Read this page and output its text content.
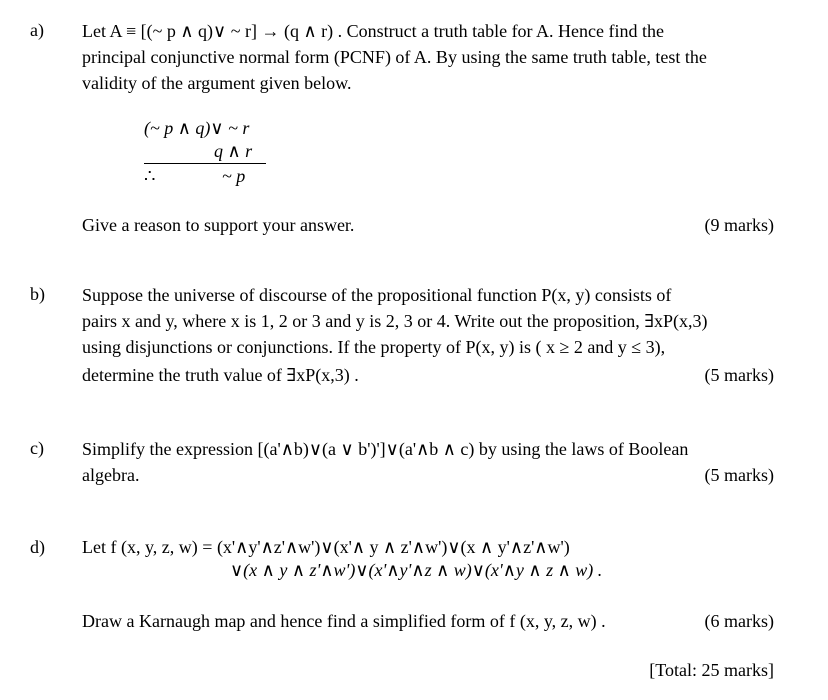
a) Let A ≡ [(~ p ∧ q)∨ ~ r] → (q ∧ r) . Construct a truth table for A. Hence find the
principal conjunctive normal form (PCNF) of A. By using the same truth table, test the
validity of the argument given below.
(~ p ∧ q)∨ ~ r
q ∧ r
∴	~ p
Give a reason to support your answer.	(9 marks)
b) Suppose the universe of discourse of the propositional function P(x, y) consists of
pairs x and y, where x is 1, 2 or 3 and y is 2, 3 or 4. Write out the proposition, ∃xP(x,3)
using disjunctions or conjunctions. If the property of P(x, y) is ( x ≥ 2 and y ≤ 3),
determine the truth value of ∃xP(x,3) .	(5 marks)
c) Simplify the expression [(a'∧b)∨(a ∨ b')']∨(a'∧b ∧ c) by using the laws of Boolean
algebra.	(5 marks)
d) Let f (x, y, z, w) = (x'∧y'∧z'∧w')∨(x'∧ y ∧ z'∧w')∨(x ∧ y'∧z'∧w')
∨(x ∧ y ∧ z'∧w')∨(x'∧y'∧z ∧ w)∨(x'∧y ∧ z ∧ w) .
Draw a Karnaugh map and hence find a simplified form of f (x, y, z, w) .	(6 marks)
[Total: 25 marks]
